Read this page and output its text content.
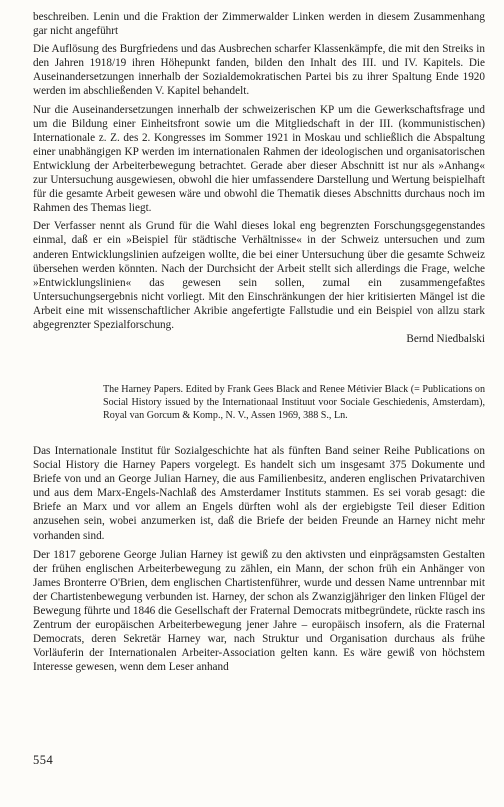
beschreiben. Lenin und die Fraktion der Zimmerwalder Linken werden in diesem Zusammenhang gar nicht angeführt

Die Auflösung des Burgfriedens und das Ausbrechen scharfer Klassenkämpfe, die mit den Streiks in den Jahren 1918/19 ihren Höhepunkt fanden, bilden den Inhalt des III. und IV. Kapitels. Die Auseinandersetzungen innerhalb der Sozialdemokratischen Partei bis zu ihrer Spaltung Ende 1920 werden im abschließenden V. Kapitel behandelt.

Nur die Auseinandersetzungen innerhalb der schweizerischen KP um die Gewerkschaftsfrage und um die Bildung einer Einheitsfront sowie um die Mitgliedschaft in der III. (kommunistischen) Internationale z. Z. des 2. Kongresses im Sommer 1921 in Moskau und schließlich die Abspaltung einer unabhängigen KP werden im internationalen Rahmen der ideologischen und organisatorischen Entwicklung der Arbeiterbewegung betrachtet. Gerade aber dieser Abschnitt ist nur als »Anhang« zur Untersuchung ausgewiesen, obwohl die hier umfassendere Darstellung und Wertung beispielhaft für die gesamte Arbeit gewesen wäre und obwohl die Thematik dieses Abschnitts durchaus noch im Rahmen des Themas liegt.

Der Verfasser nennt als Grund für die Wahl dieses lokal eng begrenzten Forschungsgegenstandes einmal, daß er ein »Beispiel für städtische Verhältnisse« in der Schweiz untersuchen und zum anderen Entwicklungslinien aufzeigen wollte, die bei einer Untersuchung über die gesamte Schweiz übersehen werden könnten. Nach der Durchsicht der Arbeit stellt sich allerdings die Frage, welche »Entwicklungslinien« das gewesen sein sollen, zumal ein zusammengefaßtes Untersuchungsergebnis nicht vorliegt. Mit den Einschränkungen der hier kritisierten Mängel ist die Arbeit eine mit wissenschaftlicher Akribie angefertigte Fallstudie und ein Beispiel von allzu stark abgegrenzter Spezialforschung.
Bernd Niedbalski

The Harney Papers. Edited by Frank Gees Black and Renee Métivier Black (= Publications on Social History issued by the Internationaal Instituut voor Sociale Geschiedenis, Amsterdam), Royal van Gorcum & Komp., N. V., Assen 1969, 388 S., Ln.

Das Internationale Institut für Sozialgeschichte hat als fünften Band seiner Reihe Publications on Social History die Harney Papers vorgelegt. Es handelt sich um insgesamt 375 Dokumente und Briefe von und an George Julian Harney, die aus Familienbesitz, anderen englischen Privatarchiven und aus dem Marx-Engels-Nachlaß des Amsterdamer Instituts stammen. Es sei vorab gesagt: die Briefe an Marx und vor allem an Engels dürften wohl als der ergiebigste Teil dieser Edition anzusehen sein, wobei anzumerken ist, daß die Briefe der beiden Freunde an Harney nicht mehr vorhanden sind.

Der 1817 geborene George Julian Harney ist gewiß zu den aktivsten und einprägsamsten Gestalten der frühen englischen Arbeiterbewegung zu zählen, ein Mann, der schon früh ein Anhänger von James Bronterre O'Brien, dem englischen Chartistenführer, wurde und dessen Name untrennbar mit der Chartistenbewegung verbunden ist. Harney, der schon als Zwanzigjähriger den linken Flügel der Bewegung führte und 1846 die Gesellschaft der Fraternal Democrats mitbegründete, rückte rasch ins Zentrum der europäischen Arbeiterbewegung jener Jahre – europäisch insofern, als die Fraternal Democrats, deren Sekretär Harney war, nach Struktur und Organisation durchaus als frühe Vorläuferin der Internationalen Arbeiter-Association gelten kann. Es wäre gewiß von höchstem Interesse gewesen, wenn dem Leser anhand

554
